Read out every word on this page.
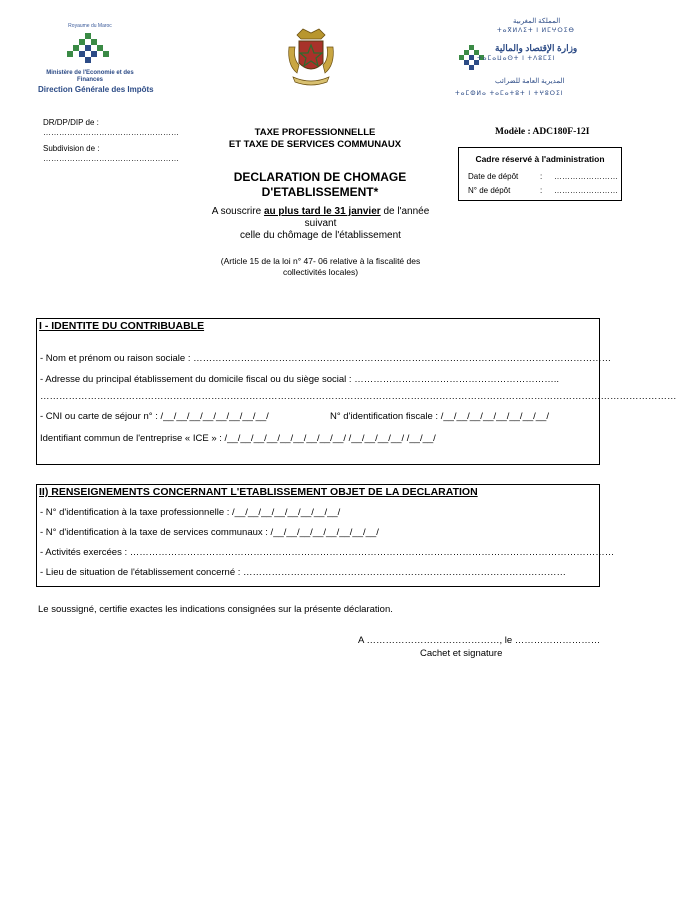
Royaume du Maroc
Ministère de l'Economie et des Finances
Direction Générale des Impôts
المملكة المغربية
ⵜⴰⴳⵍⴷⵉⵜ ⵏ ⵍⵎⵖⵔⵉⴱ
وزارة الإقتصاد والمالية
ⵜⴰⵎⴰⵡⴰⵙⵜ ⵏ ⵜⴷⵓⵎⵉⵏ
المديرية العامة للضرائب
ⵜⴰⵎⵀⵍⴰ ⵜⴰⵎⴰⵜⵓⵜ ⵏ ⵜⵖⵓⵔⵉⵏ
DR/DP/DIP de :
……………………………………………
Subdivision de :
……………………………………………
TAXE PROFESSIONNELLE
ET TAXE DE SERVICES COMMUNAUX
Modèle : ADC180F-12I
Cadre réservé à l'administration
Date de dépôt	: ……………………
N° de dépôt	: ……………………
DECLARATION DE CHOMAGE
D'ETABLISSEMENT*
A souscrire au plus tard le 31 janvier de l'année
suivant
celle du chômage de l'établissement
(Article 15 de la loi n° 47- 06 relative à la fiscalité des
collectivités locales)
I - IDENTITE DU CONTRIBUABLE
- Nom et prénom ou raison sociale : ……………………………………………………………………………………………………………………
- Adresse du principal établissement du domicile fiscal ou du siège social : ………………………………………………………..
…………………………………………………………………………………………………………………………………………………………………………………
- CNI ou carte de séjour n° : /__/__/__/__/__/__/__/__/	N° d'identification fiscale : /__/__/__/__/__/__/__/__/
Identifiant commun de l'entreprise « ICE » : /__/__/__/__/__/__/__/__/__/ /__/__/__/__/ /__/__/
II) RENSEIGNEMENTS CONCERNANT L'ETABLISSEMENT OBJET DE LA DECLARATION
- N° d'identification à la taxe professionnelle : /__/__/__/__/__/__/__/__/
- N° d'identification à la taxe de services communaux : /__/__/__/__/__/__/__/__/
- Activités exercées : ………………………………………………………………………………………………………………………………………
- Lieu de situation de l'établissement concerné : …………………………………………………………………………………………
Le soussigné, certifie exactes les indications consignées sur la présente déclaration.
A ……………………………………, le ………………………
Cachet et signature
